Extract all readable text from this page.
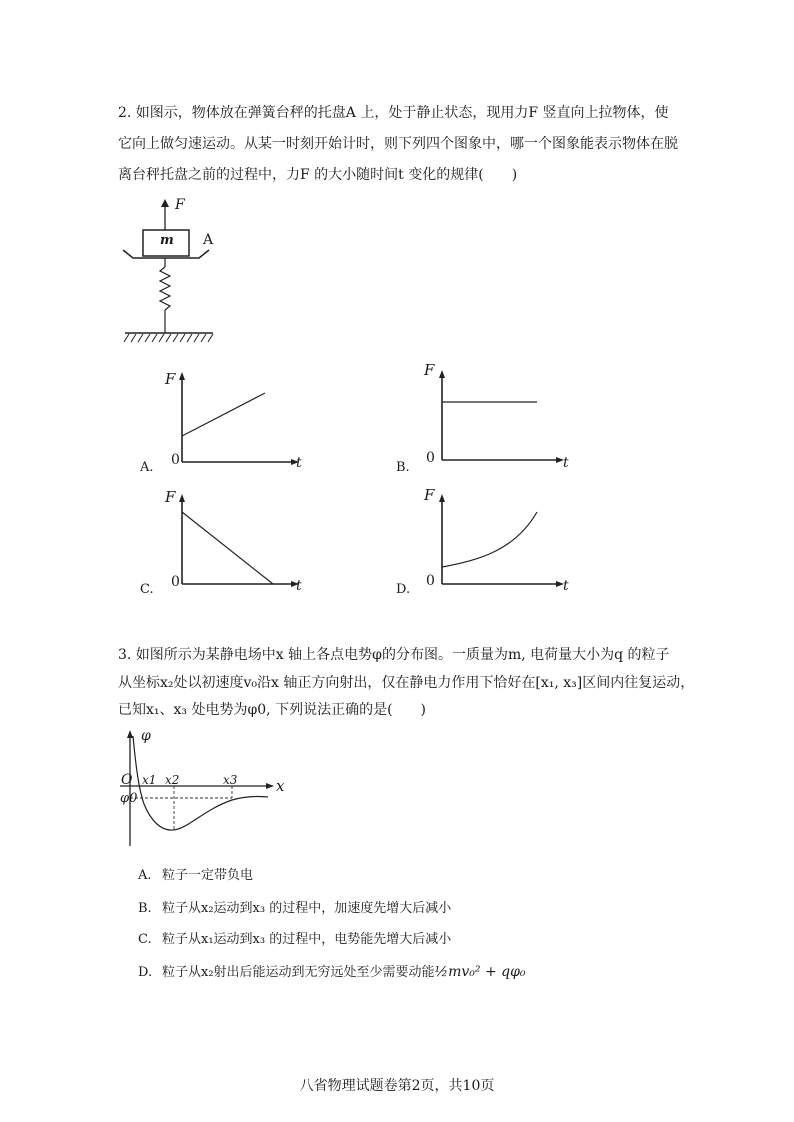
2. 如图示，物体放在弹簧台秤的托盘A 上，处于静止状态，现用力F 竖直向上拉物体，使
它向上做匀速运动。从某一时刻开始计时，则下列四个图象中，哪一个图象能表示物体在脱
离台秤托盘之前的过程中，力F 的大小随时间t 变化的规律(　　)
F
m A
F
0	t
A.
F
0	t
B.
F
0	t
C.
F
0	t
D.
3. 如图所示为某静电场中x 轴上各点电势φ的分布图。一质量为m, 电荷量大小为q 的粒子
从坐标x₂处以初速度v₀沿x 轴正方向射出，仅在静电力作用下恰好在[x₁, x₃]区间内往复运动，
已知x₁、x₃ 处电势为φ0, 下列说法正确的是(　　)
φ
O x1 x2	x3	x
φ0
A. 粒子一定带负电
B. 粒子从x₂运动到x₃ 的过程中，加速度先增大后减小
C. 粒子从x₁运动到x₃ 的过程中，电势能先增大后减小
D. 粒子从x₂射出后能运动到无穷远处至少需要动能½mv₀² + qφ₀
八省物理试题卷第2页，共10页
